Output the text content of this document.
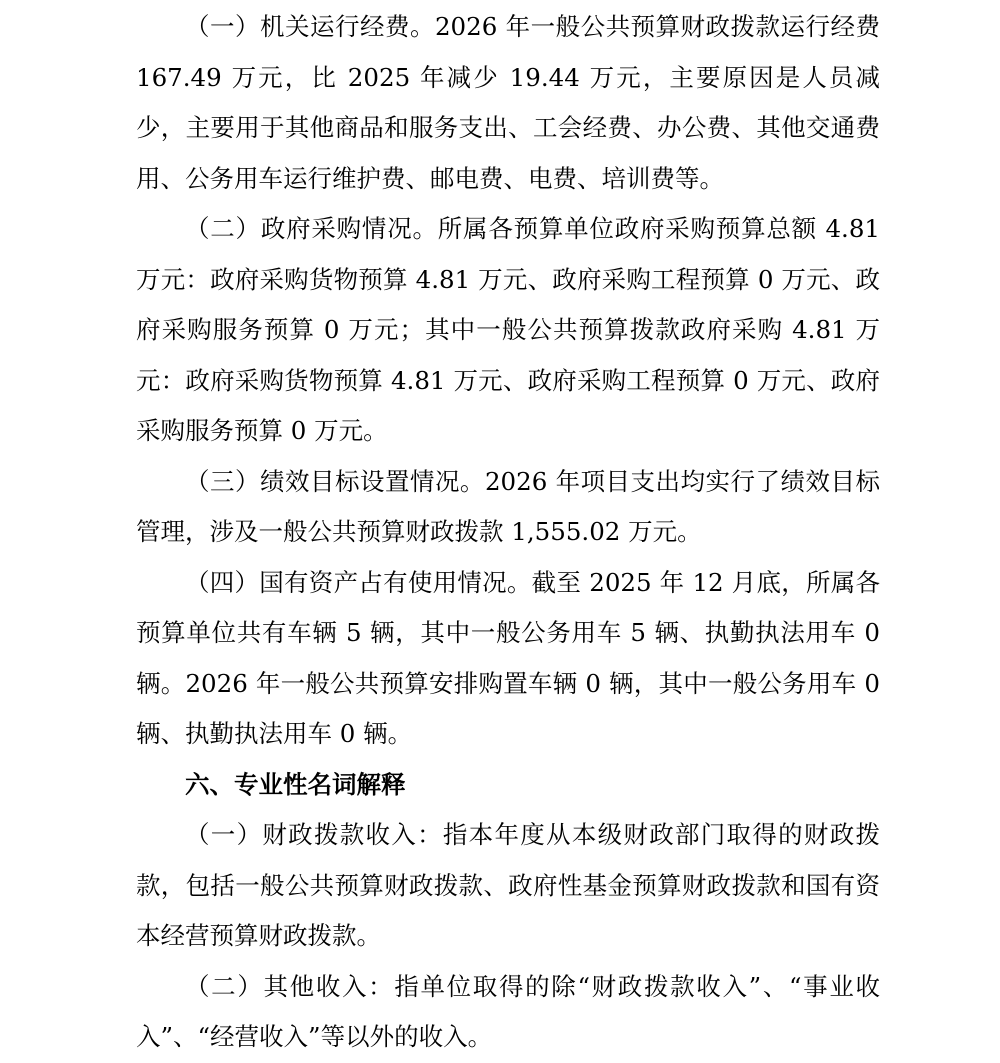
（一）机关运行经费。2026 年一般公共预算财政拨款运行经费 167.49 万元，比 2025 年减少 19.44 万元，主要原因是人员减少，主要用于其他商品和服务支出、工会经费、办公费、其他交通费用、公务用车运行维护费、邮电费、电费、培训费等。

（二）政府采购情况。所属各预算单位政府采购预算总额 4.81 万元：政府采购货物预算 4.81 万元、政府采购工程预算 0 万元、政府采购服务预算 0 万元；其中一般公共预算拨款政府采购 4.81 万元：政府采购货物预算 4.81 万元、政府采购工程预算 0 万元、政府采购服务预算 0 万元。

（三）绩效目标设置情况。2026 年项目支出均实行了绩效目标管理，涉及一般公共预算财政拨款 1,555.02 万元。

（四）国有资产占有使用情况。截至 2025 年 12 月底，所属各预算单位共有车辆 5 辆，其中一般公务用车 5 辆、执勤执法用车 0 辆。2026 年一般公共预算安排购置车辆 0 辆，其中一般公务用车 0 辆、执勤执法用车 0 辆。

六、专业性名词解释

（一）财政拨款收入：指本年度从本级财政部门取得的财政拨款，包括一般公共预算财政拨款、政府性基金预算财政拨款和国有资本经营预算财政拨款。

（二）其他收入：指单位取得的除“财政拨款收入”、“事业收入”、“经营收入”等以外的收入。
